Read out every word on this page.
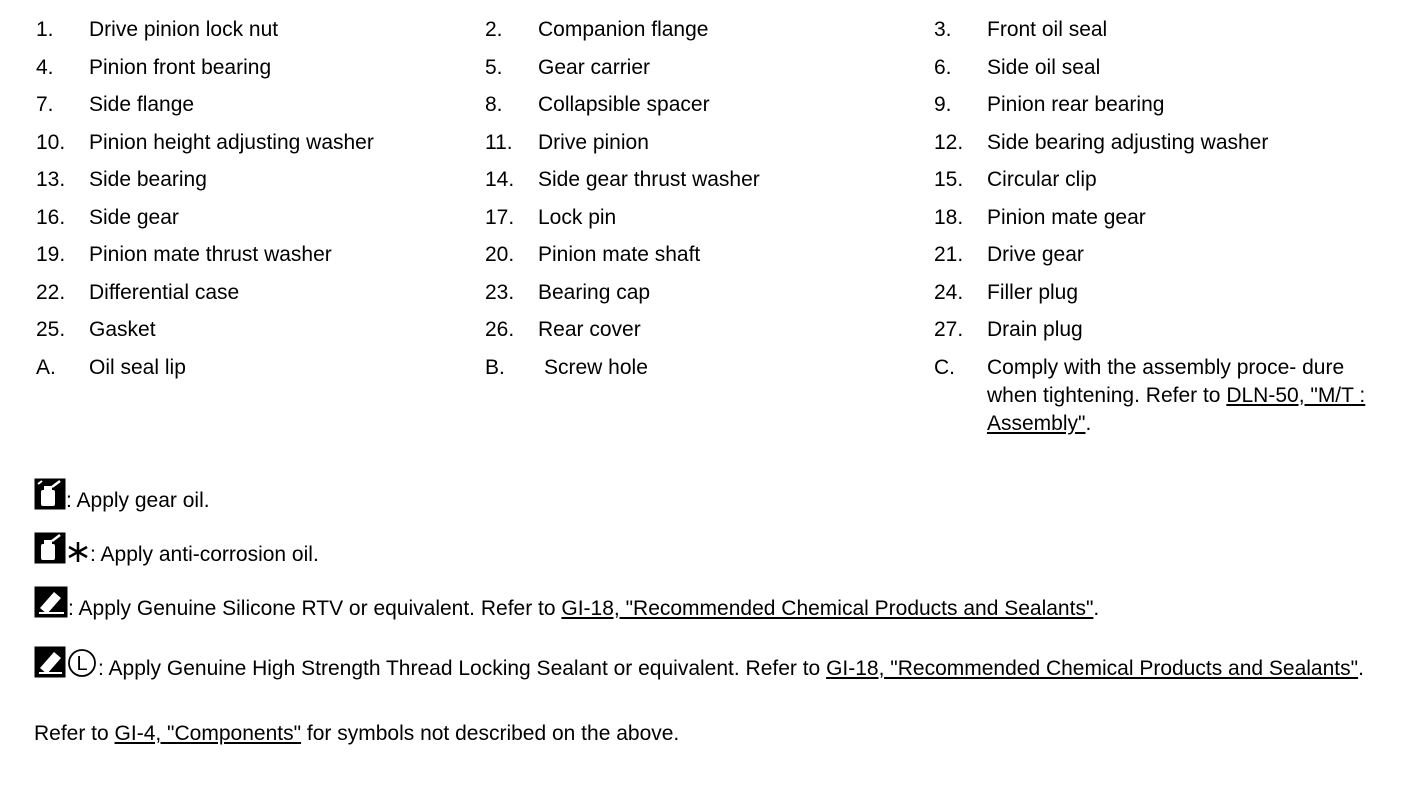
1. Drive pinion lock nut	2. Companion flange	3. Front oil seal
4. Pinion front bearing	5. Gear carrier	6. Side oil seal
7. Side flange	8. Collapsible spacer	9. Pinion rear bearing
10. Pinion height adjusting washer	11. Drive pinion	12. Side bearing adjusting washer
13. Side bearing	14. Side gear thrust washer	15. Circular clip
16. Side gear	17. Lock pin	18. Pinion mate gear
19. Pinion mate thrust washer	20. Pinion mate shaft	21. Drive gear
22. Differential case	23. Bearing cap	24. Filler plug
25. Gasket	26. Rear cover	27. Drain plug
A. Oil seal lip	B. Screw hole	C. Comply with the assembly proce- dure when tightening. Refer to DLN-50, "M/T : Assembly".
: Apply gear oil.
: Apply anti-corrosion oil.
: Apply Genuine Silicone RTV or equivalent. Refer to GI-18, "Recommended Chemical Products and Sealants".
L : Apply Genuine High Strength Thread Locking Sealant or equivalent. Refer to GI-18, "Recommended Chemical Products and Sealants".
Refer to GI-4, "Components" for symbols not described on the above.
